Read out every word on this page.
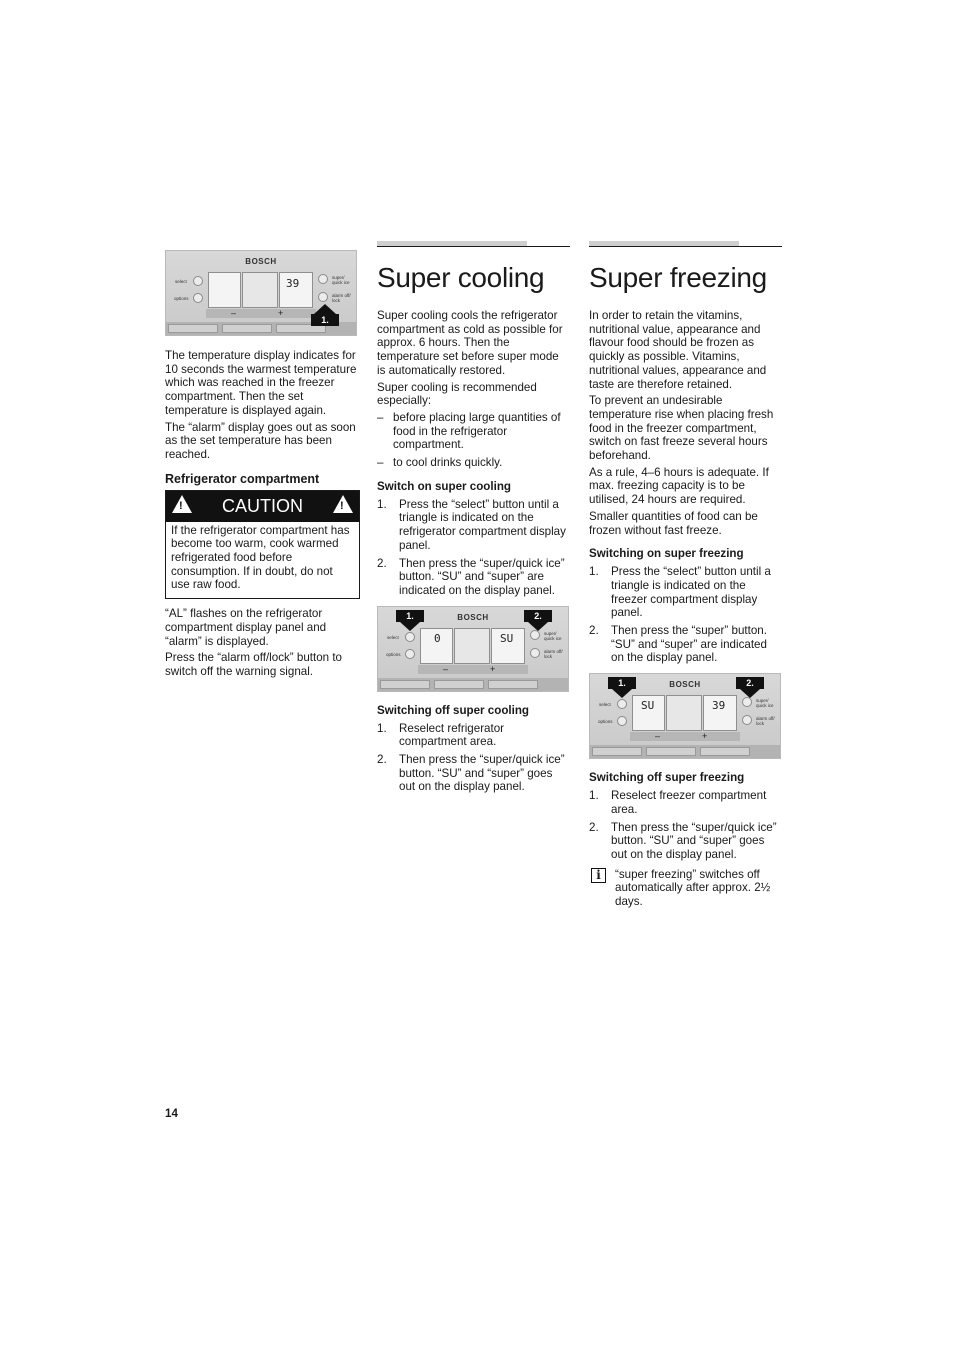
BOSCH
select
options
39	super/ quick ice
alarm off/ lock
–	+
1.

The temperature display indicates for 10 seconds the warmest temperature which was reached in the freezer compartment. Then the set temperature is displayed again.

The “alarm” display goes out as soon as the set temperature has been reached.

Refrigerator compartment
!
CAUTION
!

If the refrigerator compartment has become too warm, cook warmed refrigerated food before consumption. If in doubt, do not use raw food.

“AL” flashes on the refrigerator compartment display panel and “alarm” is displayed.

Press the “alarm off/lock” button to switch off the warning signal.

Super cooling

Super cooling cools the refrigerator compartment as cold as possible for approx. 6 hours. Then the temperature set before super mode is automatically restored.

Super cooling is recommended especially:

– before placing large quantities of food in the refrigerator compartment.
– to cool drinks quickly.
Switch on super cooling
1. Press the “select” button until a triangle is indicated on the refrigerator compartment display panel.
2. Then press the “super/quick ice” button. “SU” and “super” are indicated on the display panel.
BOSCH
select
options
0	SU	super/ quick ice
alarm off/ lock
–	+
1.	2.
Switching off super cooling
1. Reselect refrigerator compartment area.
2. Then press the “super/quick ice” button. “SU” and “super” goes out on the display panel.
Super freezing

In order to retain the vitamins, nutritional value, appearance and flavour food should be frozen as quickly as possible. Vitamins, nutritional values, appearance and taste are therefore retained.

To prevent an undesirable temperature rise when placing fresh food in the freezer compartment, switch on fast freeze several hours beforehand.

As a rule, 4–6 hours is adequate. If max. freezing capacity is to be utilised, 24 hours are required.

Smaller quantities of food can be frozen without fast freeze.

Switching on super freezing
1. Press the “select” button until a triangle is indicated on the freezer compartment display panel.
2. Then press the “super” button. “SU” and “super” are indicated on the display panel.
BOSCH
select
options
SU	39	super/ quick ice
alarm off/ lock
–	+
1.	2.
Switching off super freezing
1. Reselect freezer compartment area.
2. Then press the “super/quick ice” button. “SU” and “super” goes out on the display panel.
i	“super freezing” switches off automatically after approx. 2½ days.

14
